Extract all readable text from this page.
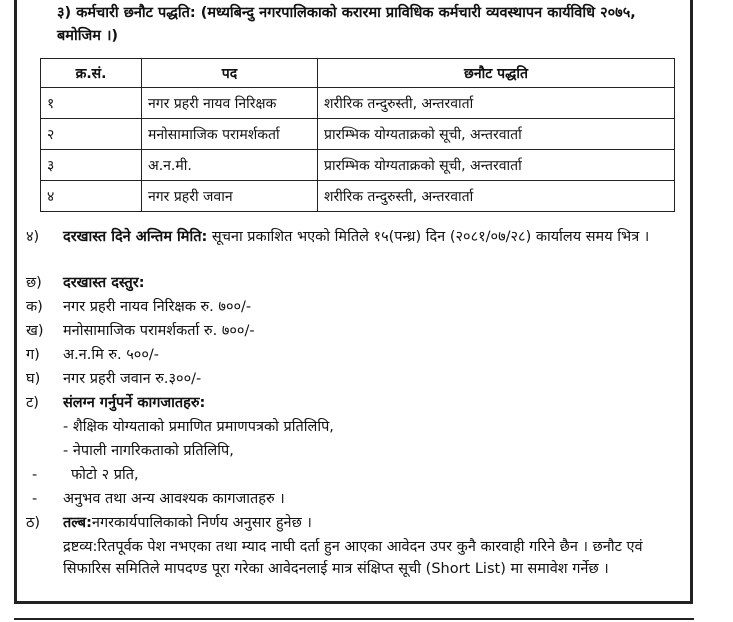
३) कर्मचारी छनौट पद्धति: (मध्यबिन्दु नगरपालिकाको करारमा प्राविधिक कर्मचारी व्यवस्थापन कार्यविधि २०७५, बमोजिम ।)
क्र.सं.	पद	छनौट पद्धति
१	नगर प्रहरी नायव निरिक्षक	शरीरिक तन्दुरुस्ती, अन्तरवार्ता
२	मनोसामाजिक परामर्शकर्ता	प्रारम्भिक योग्यताक्रको सूची, अन्तरवार्ता
३	अ.न.मी.	प्रारम्भिक योग्यताक्रको सूची, अन्तरवार्ता
४	नगर प्रहरी जवान	शरीरिक तन्दुरुस्ती, अन्तरवार्ता
४) दरखास्त दिने अन्तिम मिति: सूचना प्रकाशित भएको मितिले १५(पन्ध्र) दिन (२०८१/०७/२८) कार्यालय समय भित्र ।
छ) दरखास्त दस्तुर:
क) नगर प्रहरी नायव निरिक्षक रु. ७००/-
ख) मनोसामाजिक परामर्शकर्ता रु. ७००/-
ग) अ.न.मि रु. ५००/-
घ) नगर प्रहरी जवान रु.३००/-
ट) संलग्न गर्नुपर्ने कागजातहरु:
- शैक्षिक योग्यताको प्रमाणित प्रमाणपत्रको प्रतिलिपि,
- नेपाली नागरिकताको प्रतिलिपि,
- फोटो २ प्रति,
- अनुभव तथा अन्य आवश्यक कागजातहरु ।
ठ) तल्ब:नगरकार्यपालिकाको निर्णय अनुसार हुनेछ ।
द्रष्टव्य:रितपूर्वक पेश नभएका तथा म्याद नाघी दर्ता हुन आएका आवेदन उपर कुनै कारवाही गरिने छैन । छनौट एवं सिफारिस समितिले मापदण्ड पूरा गरेका आवेदनलाई मात्र संक्षिप्त सूची (Short List) मा समावेश गर्नेछ ।
